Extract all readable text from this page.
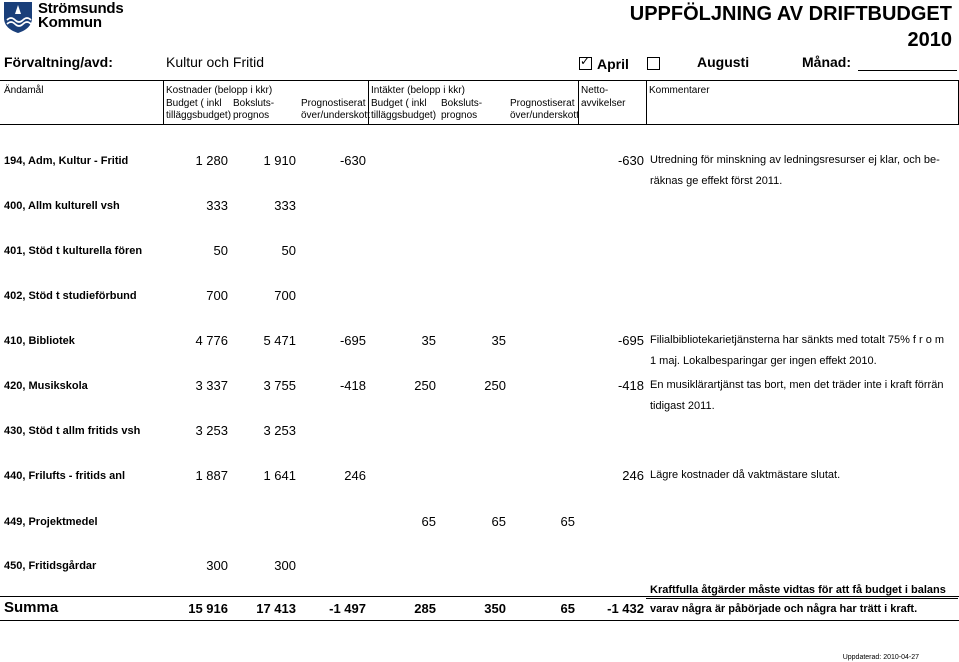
Strömsunds
Kommun	UPPFÖLJNING AV DRIFTBUDGET
2010
Förvaltning/avd:	Kultur och Fritid
✓	April	Augusti	Månad:
Ändamål	Kostnader (belopp i kkr)	Intäkter (belopp i kkr)	Netto-
avvikelser
Kommentarer
Budget ( inkl
tilläggsbudget)
Boksluts-
prognos
Prognostiserat
över/underskott
Budget ( inkl
tilläggsbudget)
Boksluts-
prognos
Prognostiserat
över/underskott
194, Adm, Kultur - Fritid	1 280	1 910	-630	-630 Utredning för minskning av ledningsresurser ej klar, och be-
räknas ge effekt först 2011.
400, Allm kulturell vsh	333	333
401, Stöd t kulturella fören	50	50
402, Stöd t studieförbund	700	700
410, Bibliotek	4 776	5 471	-695	35	35	-695 Filialbibliotekarietjänsterna har sänkts med totalt 75% f r o m
1 maj. Lokalbesparingar ger ingen effekt 2010.
420, Musikskola	3 337	3 755	-418	250	250	-418 En musiklärartjänst tas bort, men det träder inte i kraft förrän
tidigast 2011.
430, Stöd t allm fritids vsh	3 253	3 253
440, Frilufts - fritids anl	1 887	1 641	246	246 Lägre kostnader då vaktmästare slutat.
449, Projektmedel	65	65	65
450, Fritidsgårdar	300	300
Summa	15 916	17 413	-1 497	285	350	65	-1 432
Kraftfulla åtgärder måste vidtas för att få budget i balans
varav några är påbörjade och några har trätt i kraft.
Uppdaterad: 2010-04-27
